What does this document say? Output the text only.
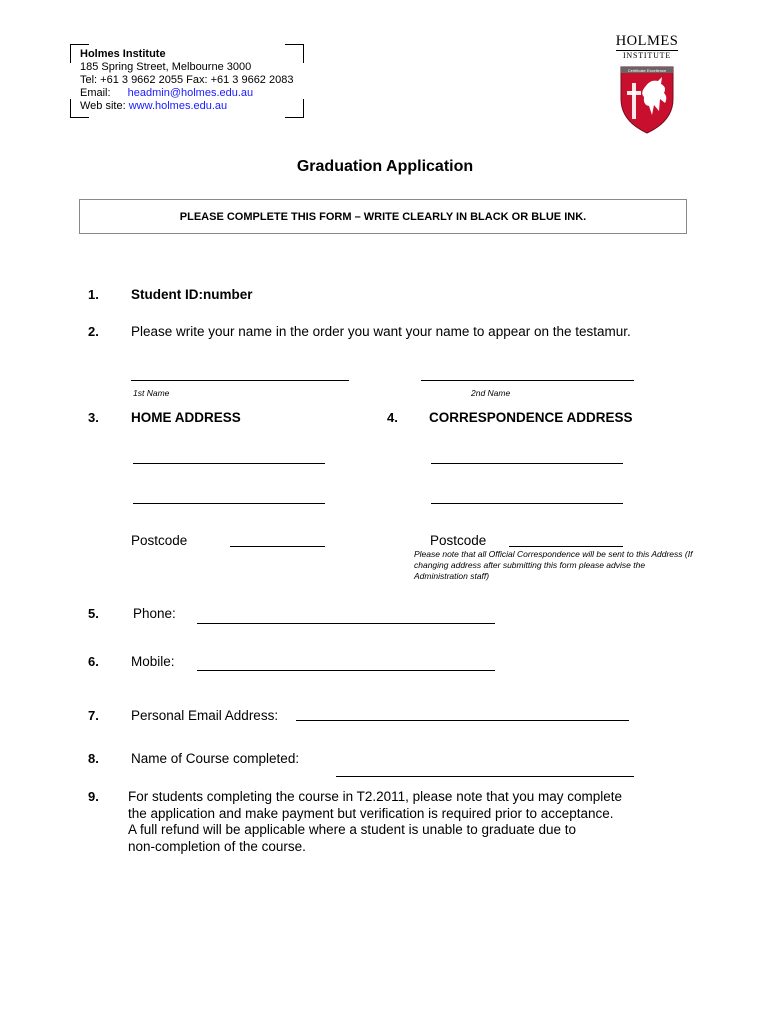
Holmes Institute
185 Spring Street, Melbourne 3000
Tel: +61 3 9662 2055 Fax: +61 3 9662 2083
Email: headmin@holmes.edu.au
Web site: www.holmes.edu.au
HOLMES
INSTITUTE
Certificate Excellence
Graduation Application
PLEASE COMPLETE THIS FORM – WRITE CLEARLY IN BLACK OR BLUE INK.
1. Student ID:number
2. Please write your name in the order you want your name to appear on the testamur.
1st Name	2nd Name
3. HOME ADDRESS	4. CORRESPONDENCE ADDRESS
Postcode	Postcode
Please note that all Official Correspondence will be sent to this Address (If changing address after submitting this form please advise the Administration staff)
5.	Phone:
6. Mobile:
7. Personal Email Address:
8. Name of Course completed:
9. For students completing the course in T2.2011, please note that you may complete
the application and make payment but verification is required prior to acceptance.
A full refund will be applicable where a student is unable to graduate due to
non-completion of the course.
